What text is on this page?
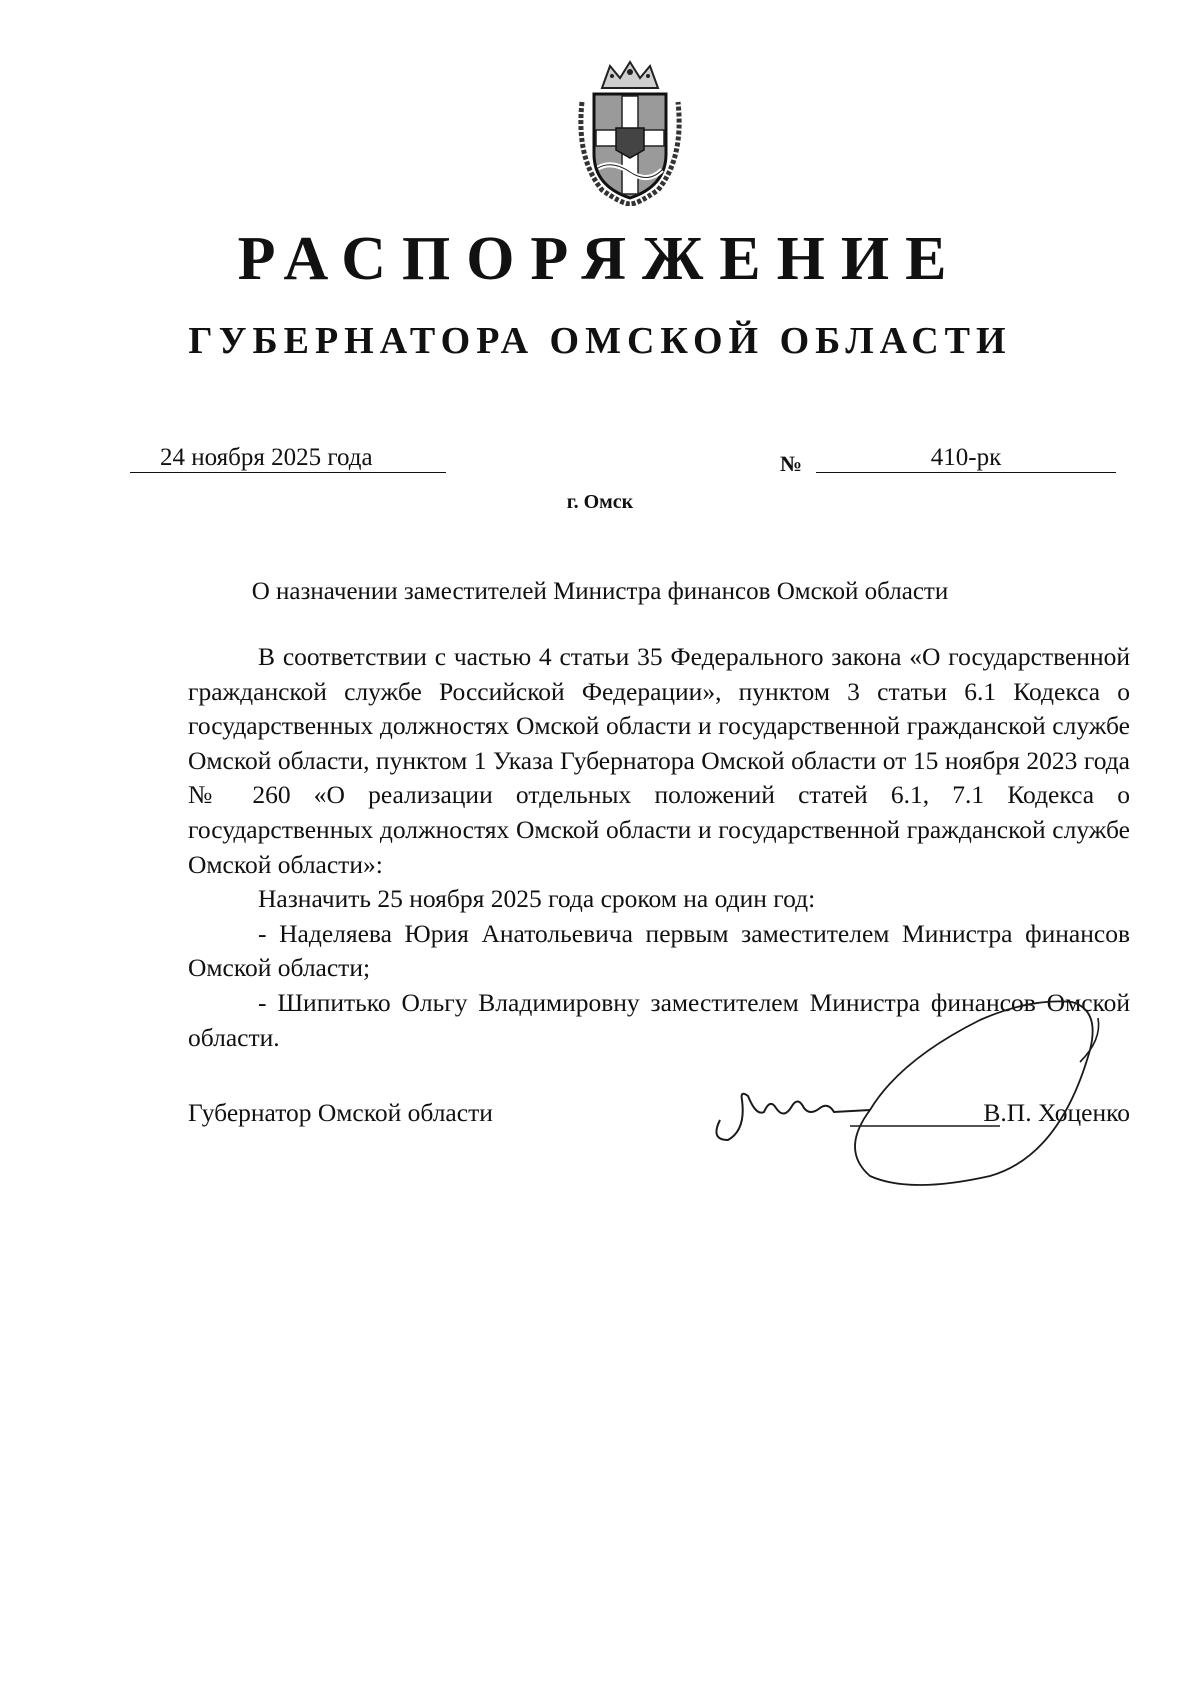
РАСПОРЯЖЕНИЕ
ГУБЕРНАТОРА ОМСКОЙ ОБЛАСТИ
24 ноября 2025 года	№	410-рк
г. Омск
О назначении заместителей Министра финансов Омской области

В соответствии с частью 4 статьи 35 Федерального закона «О государственной гражданской службе Российской Федерации», пунктом 3 статьи 6.1 Кодекса о государственных должностях Омской области и государственной гражданской службе Омской области, пунктом 1 Указа Губернатора Омской области от 15 ноября 2023 года № 260 «О реализации отдельных положений статей 6.1, 7.1 Кодекса о государственных должностях Омской области и государственной гражданской службе Омской области»:

Назначить 25 ноября 2025 года сроком на один год:

- Наделяева Юрия Анатольевича первым заместителем Министра финансов Омской области;

- Шипитько Ольгу Владимировну заместителем Министра финансов Омской области.

Губернатор Омской области	В.П. Хоценко
